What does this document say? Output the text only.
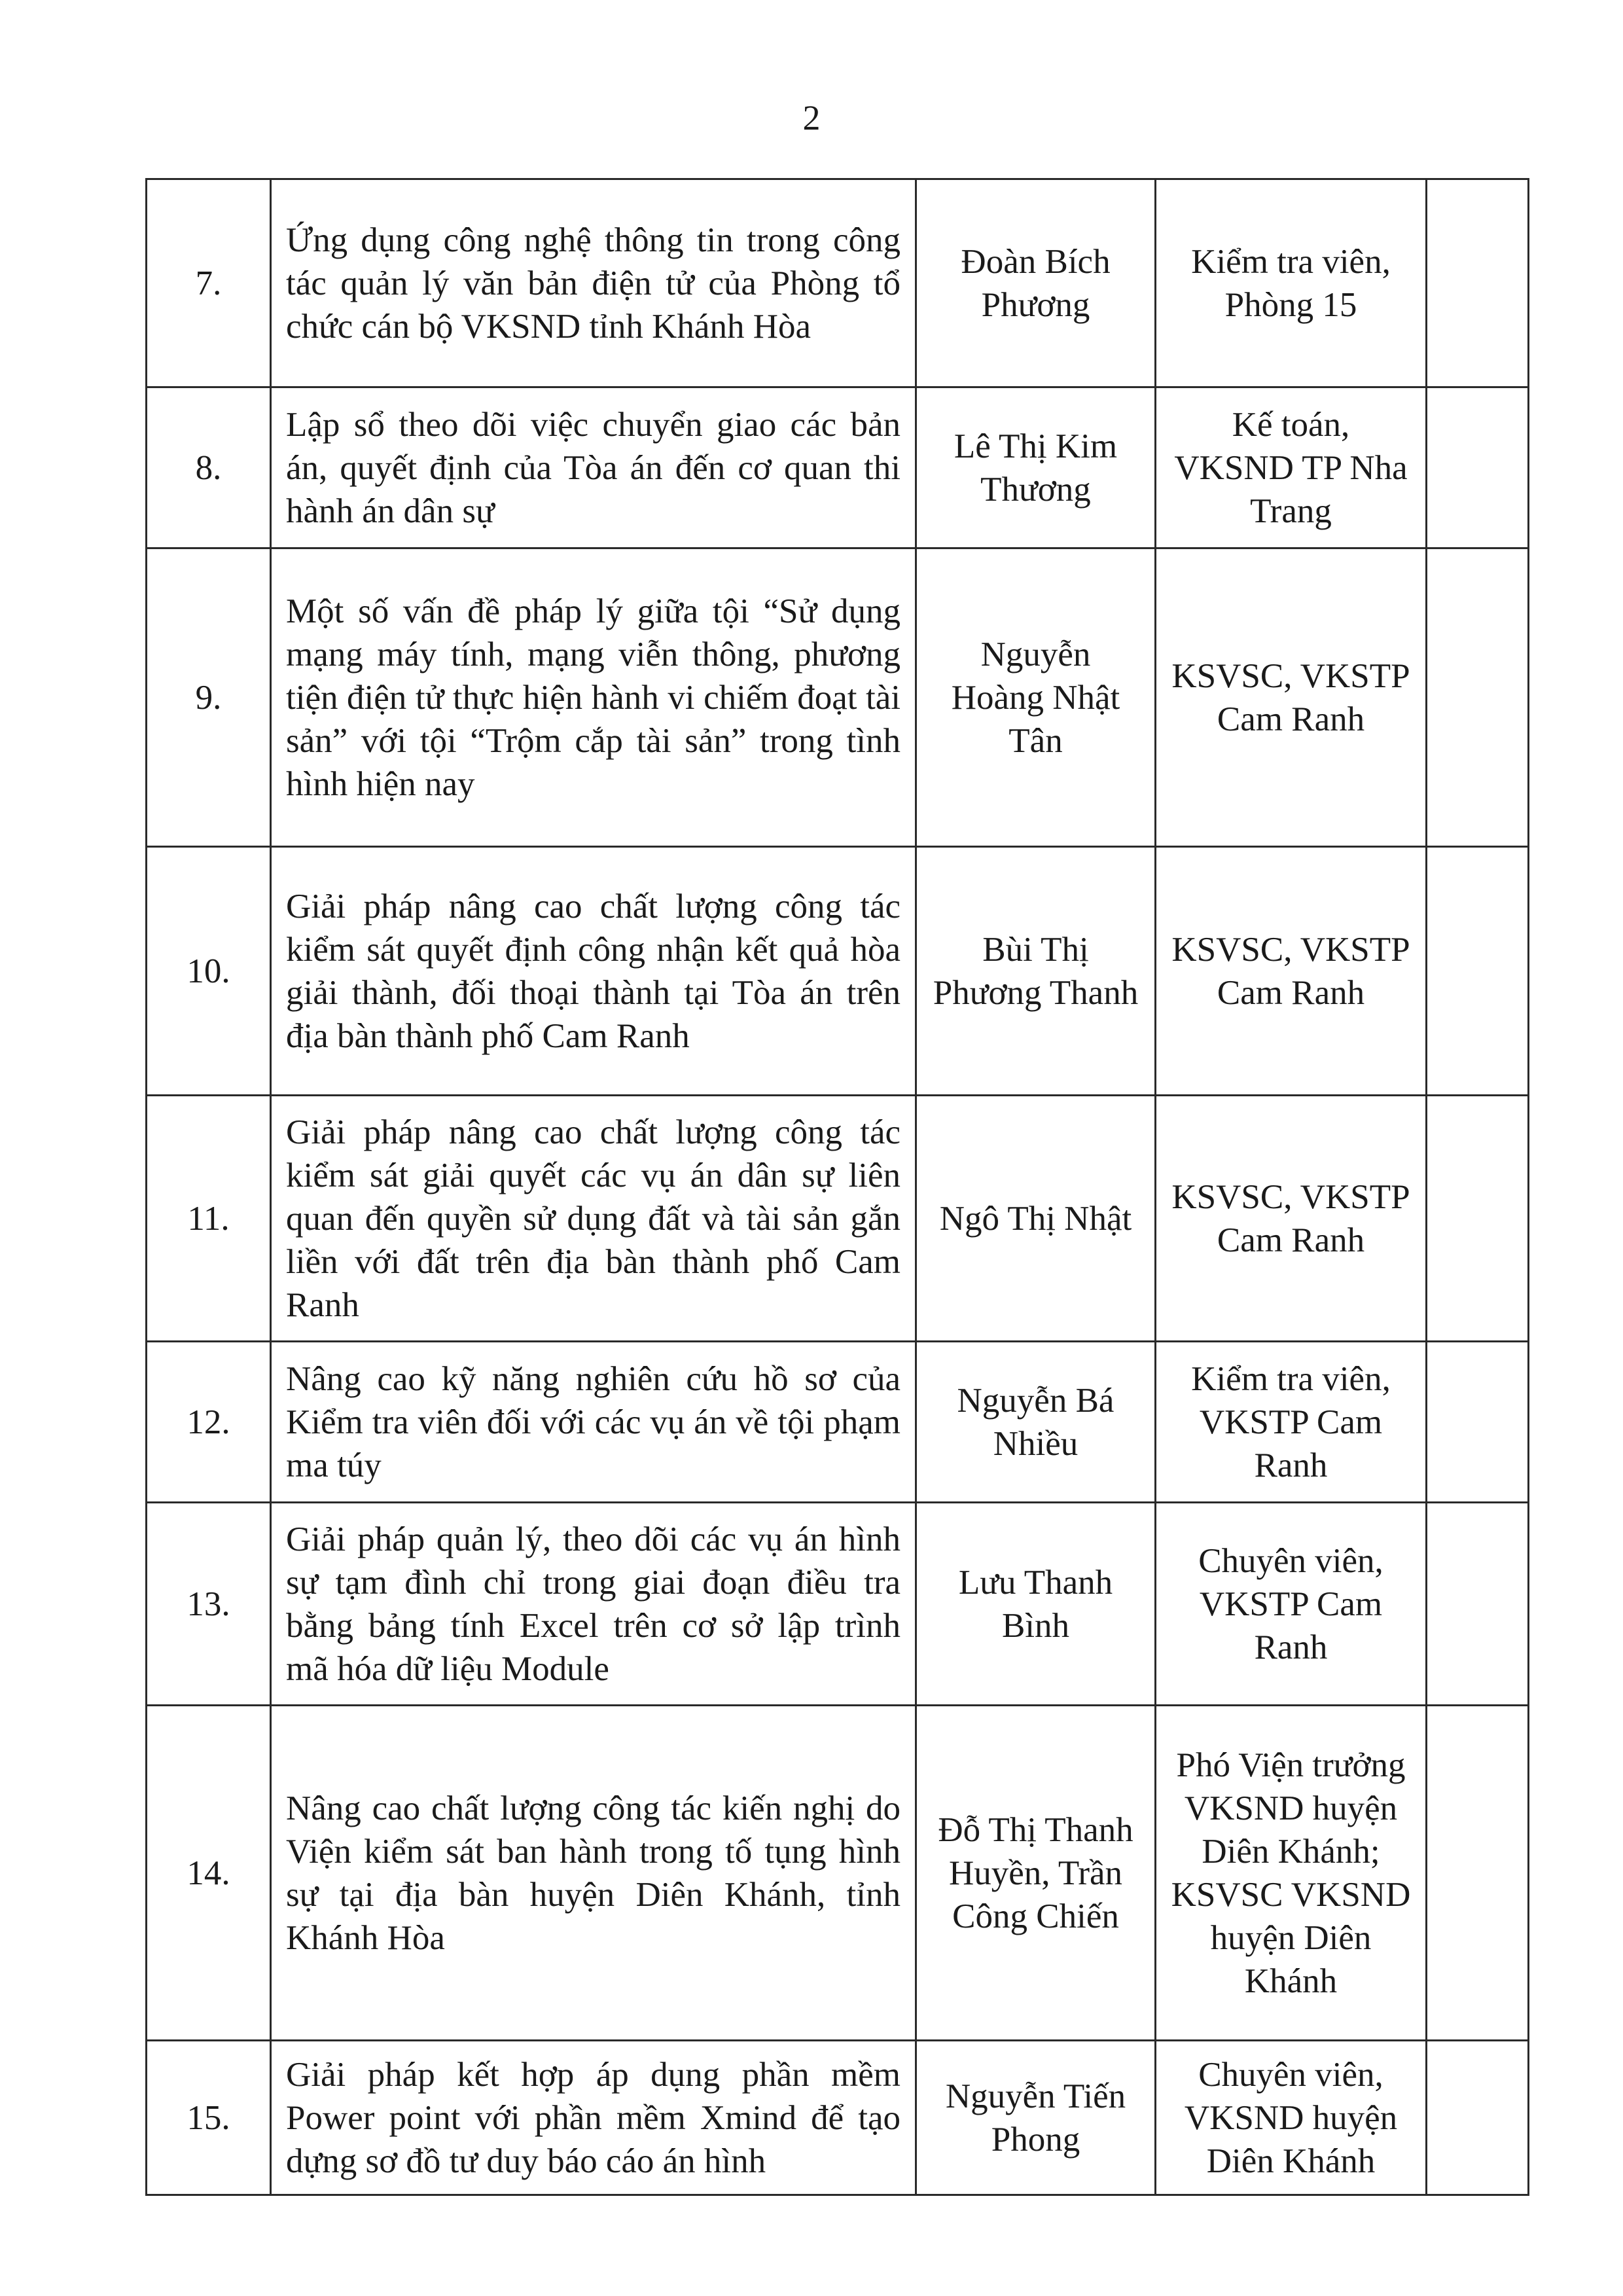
2
7.	Ứng dụng công nghệ thông tin trong công tác quản lý văn bản điện tử của Phòng tổ chức cán bộ VKSND tỉnh Khánh Hòa	Đoàn Bích Phương	Kiểm tra viên, Phòng 15	

8.	Lập sổ theo dõi việc chuyển giao các bản án, quyết định của Tòa án đến cơ quan thi hành án dân sự	Lê Thị Kim Thương	Kế toán, VKSND TP Nha Trang	

9.	Một số vấn đề pháp lý giữa tội “Sử dụng mạng máy tính, mạng viễn thông, phương tiện điện tử thực hiện hành vi chiếm đoạt tài sản” với tội “Trộm cắp tài sản” trong tình hình hiện nay	Nguyễn Hoàng Nhật Tân	KSVSC, VKSTP Cam Ranh	

10.	Giải pháp nâng cao chất lượng công tác kiểm sát quyết định công nhận kết quả hòa giải thành, đối thoại thành tại Tòa án trên địa bàn thành phố Cam Ranh	Bùi Thị Phương Thanh	KSVSC, VKSTP Cam Ranh	

11.	Giải pháp nâng cao chất lượng công tác kiểm sát giải quyết các vụ án dân sự liên quan đến quyền sử dụng đất và tài sản gắn liền với đất trên địa bàn thành phố Cam Ranh	Ngô Thị Nhật	KSVSC, VKSTP Cam Ranh	

12.	Nâng cao kỹ năng nghiên cứu hồ sơ của Kiểm tra viên đối với các vụ án về tội phạm ma túy	Nguyễn Bá Nhiều	Kiểm tra viên, VKSTP Cam Ranh	

13.	Giải pháp quản lý, theo dõi các vụ án hình sự tạm đình chỉ trong giai đoạn điều tra bằng bảng tính Excel trên cơ sở lập trình mã hóa dữ liệu Module	Lưu Thanh Bình	Chuyên viên, VKSTP Cam Ranh	

14.	Nâng cao chất lượng công tác kiến nghị do Viện kiểm sát ban hành trong tố tụng hình sự tại địa bàn huyện Diên Khánh, tỉnh Khánh Hòa	Đỗ Thị Thanh Huyền, Trần Công Chiến	Phó Viện trưởng VKSND huyện Diên Khánh; KSVSC VKSND huyện Diên Khánh	

15.	Giải pháp kết hợp áp dụng phần mềm Power point với phần mềm Xmind để tạo dựng sơ đồ tư duy báo cáo án hình	Nguyễn Tiến Phong	Chuyên viên, VKSND huyện Diên Khánh	
